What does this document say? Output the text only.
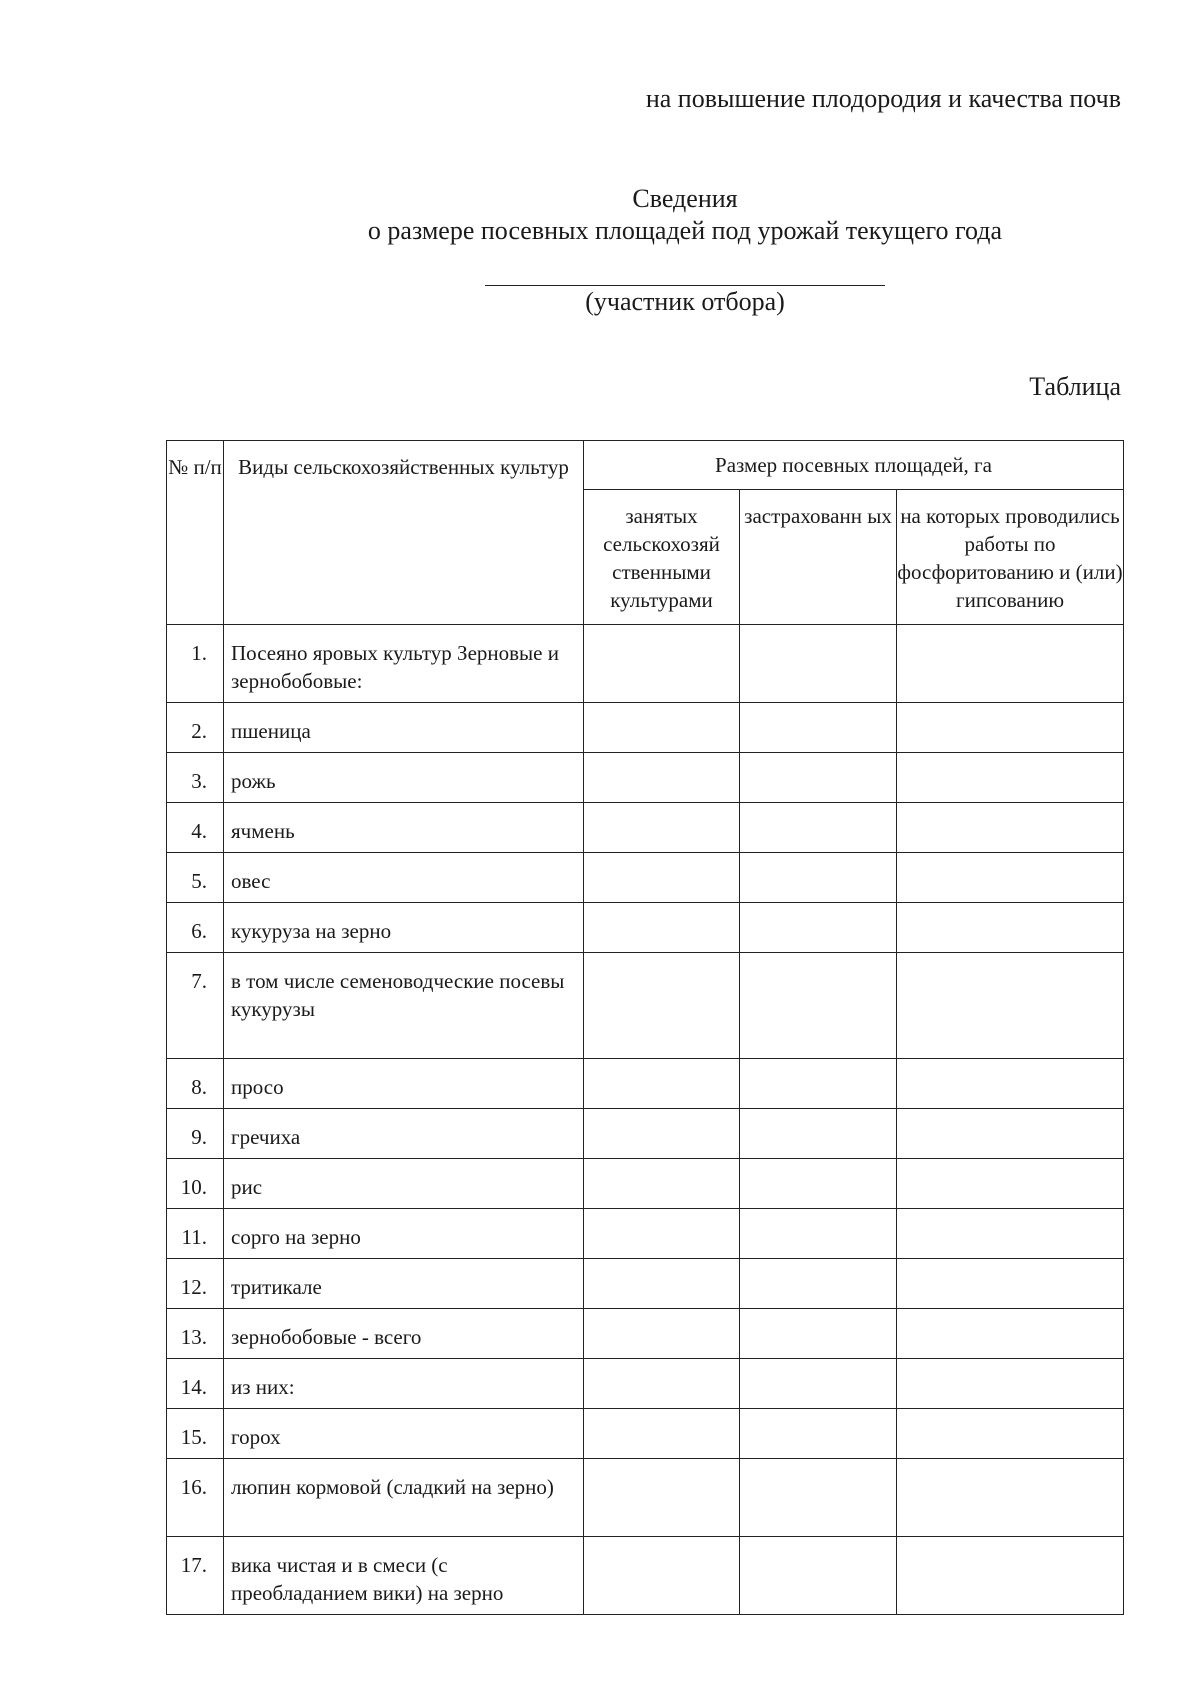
на повышение плодородия и качества почв
Сведения
о размере посевных площадей под урожай текущего года
(участник отбора)
Таблица
№ п/п	Виды сельскохозяйственных культур	Размер посевных площадей, га		
		занятых сельскохозяй ственными культурами	застрахованн ых	на которых проводились работы по фосфоритованию и (или) гипсованию
1.	Посеяно яровых культур Зерновые и зернобобовые:			
2.	пшеница			
3.	рожь			
4.	ячмень			
5.	овес			
6.	кукуруза на зерно			
7.	в том числе семеноводческие посевы кукурузы			
8.	просо			
9.	гречиха			
10.	рис			
11.	сорго на зерно			
12.	тритикале			
13.	зернобобовые - всего			
14.	из них:			
15.	горох			
16.	люпин кормовой (сладкий на зерно)			
17.	вика чистая и в смеси (с преобладанием вики) на зерно			
